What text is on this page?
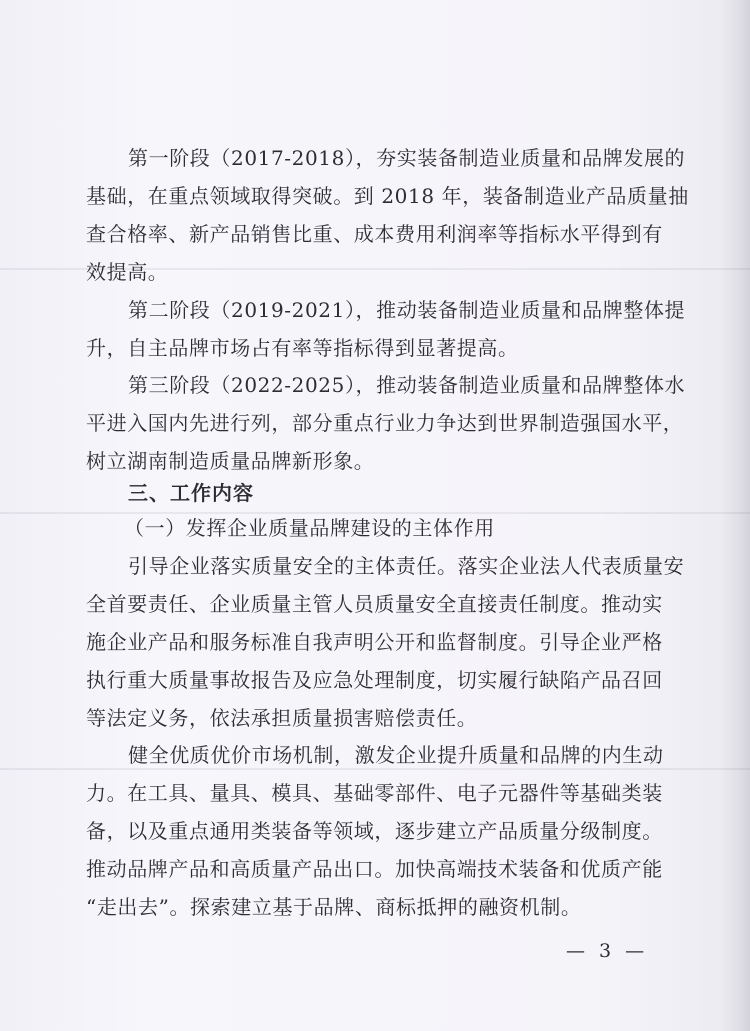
第一阶段（2017-2018），夯实装备制造业质量和品牌发展的
基础，在重点领域取得突破。到 2018 年，装备制造业产品质量抽
查合格率、新产品销售比重、成本费用利润率等指标水平得到有
效提高。
第二阶段（2019-2021），推动装备制造业质量和品牌整体提
升，自主品牌市场占有率等指标得到显著提高。
第三阶段（2022-2025），推动装备制造业质量和品牌整体水
平进入国内先进行列，部分重点行业力争达到世界制造强国水平，
树立湖南制造质量品牌新形象。
三、工作内容
（一）发挥企业质量品牌建设的主体作用
引导企业落实质量安全的主体责任。落实企业法人代表质量安
全首要责任、企业质量主管人员质量安全直接责任制度。推动实
施企业产品和服务标准自我声明公开和监督制度。引导企业严格
执行重大质量事故报告及应急处理制度，切实履行缺陷产品召回
等法定义务，依法承担质量损害赔偿责任。
健全优质优价市场机制，激发企业提升质量和品牌的内生动
力。在工具、量具、模具、基础零部件、电子元器件等基础类装
备，以及重点通用类装备等领域，逐步建立产品质量分级制度。
推动品牌产品和高质量产品出口。加快高端技术装备和优质产能
“走出去”。探索建立基于品牌、商标抵押的融资机制。
— 3 —
